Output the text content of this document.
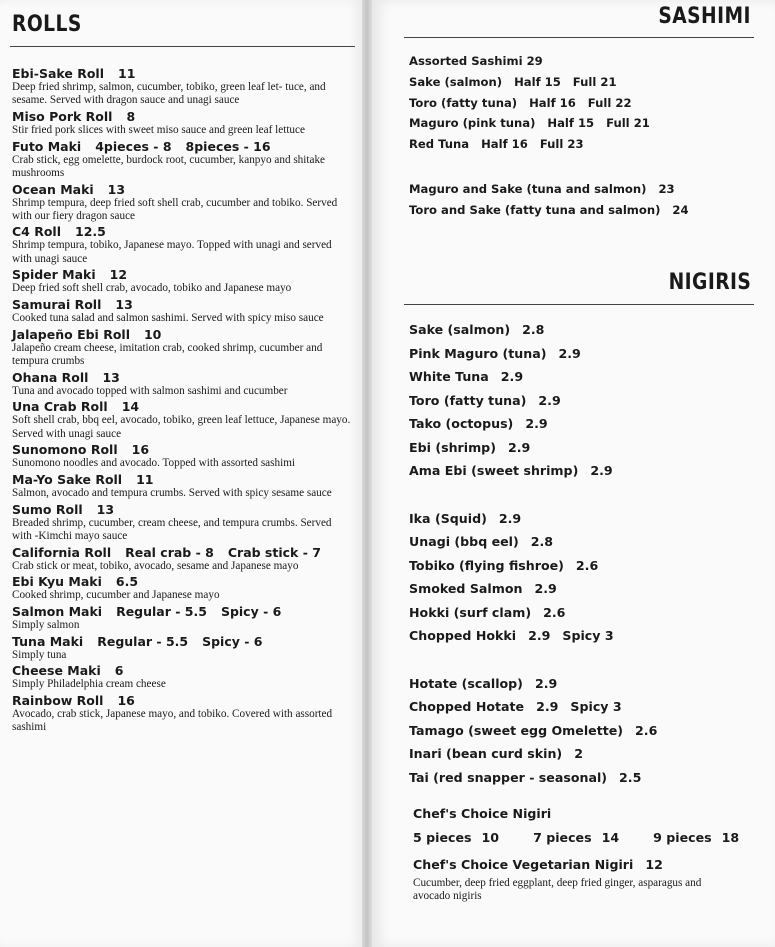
ROLLS
Ebi-Sake Roll 11

Deep fried shrimp, salmon, cucumber, tobiko, green leaf let- tuce, and sesame. Served with dragon sauce and unagi sauce

Miso Pork Roll 8

Stir fried pork slices with sweet miso sauce and green leaf lettuce

Futo Maki 4pieces - 8 8pieces - 16

Crab stick, egg omelette, burdock root, cucumber, kanpyo and shitake mushrooms

Ocean Maki 13

Shrimp tempura, deep fried soft shell crab, cucumber and tobiko. Served with our fiery dragon sauce

C4 Roll 12.5

Shrimp tempura, tobiko, Japanese mayo. Topped with unagi and served with unagi sauce

Spider Maki 12

Deep fried soft shell crab, avocado, tobiko and Japanese mayo

Samurai Roll 13

Cooked tuna salad and salmon sashimi. Served with spicy miso sauce

Jalapeño Ebi Roll 10

Jalapeño cream cheese, imitation crab, cooked shrimp, cucumber and tempura crumbs

Ohana Roll 13

Tuna and avocado topped with salmon sashimi and cucumber

Una Crab Roll 14

Soft shell crab, bbq eel, avocado, tobiko, green leaf lettuce, Japanese mayo. Served with unagi sauce

Sunomono Roll 16

Sunomono noodles and avocado. Topped with assorted sashimi

Ma-Yo Sake Roll 11

Salmon, avocado and tempura crumbs. Served with spicy sesame sauce

Sumo Roll 13

Breaded shrimp, cucumber, cream cheese, and tempura crumbs. Served with -Kimchi mayo sauce

California Roll Real crab - 8 Crab stick - 7

Crab stick or meat, tobiko, avocado, sesame and Japanese mayo

Ebi Kyu Maki 6.5

Cooked shrimp, cucumber and Japanese mayo

Salmon Maki Regular - 5.5 Spicy - 6

Simply salmon

Tuna Maki Regular - 5.5 Spicy - 6

Simply tuna

Cheese Maki 6

Simply Philadelphia cream cheese

Rainbow Roll 16

Avocado, crab stick, Japanese mayo, and tobiko. Covered with assorted sashimi

SASHIMI
Assorted Sashimi 29
Sake (salmon) Half 15 Full 21
Toro (fatty tuna) Half 16 Full 22
Maguro (pink tuna) Half 15 Full 21
Red Tuna Half 16 Full 23
Maguro and Sake (tuna and salmon) 23
Toro and Sake (fatty tuna and salmon) 24
NIGIRIS
Sake (salmon) 2.8
Pink Maguro (tuna) 2.9
White Tuna 2.9
Toro (fatty tuna) 2.9
Tako (octopus) 2.9
Ebi (shrimp) 2.9
Ama Ebi (sweet shrimp) 2.9
Ika (Squid) 2.9
Unagi (bbq eel) 2.8
Tobiko (flying fishroe) 2.6
Smoked Salmon 2.9
Hokki (surf clam) 2.6
Chopped Hokki 2.9 Spicy 3
Hotate (scallop) 2.9
Chopped Hotate 2.9 Spicy 3
Tamago (sweet egg Omelette) 2.6
Inari (bean curd skin) 2
Tai (red snapper - seasonal) 2.5
Chef's Choice Nigiri
5 pieces 10	7 pieces 14	9 pieces 18
Chef's Choice Vegetarian Nigiri 12

Cucumber, deep fried eggplant, deep fried ginger, asparagus and avocado nigiris
